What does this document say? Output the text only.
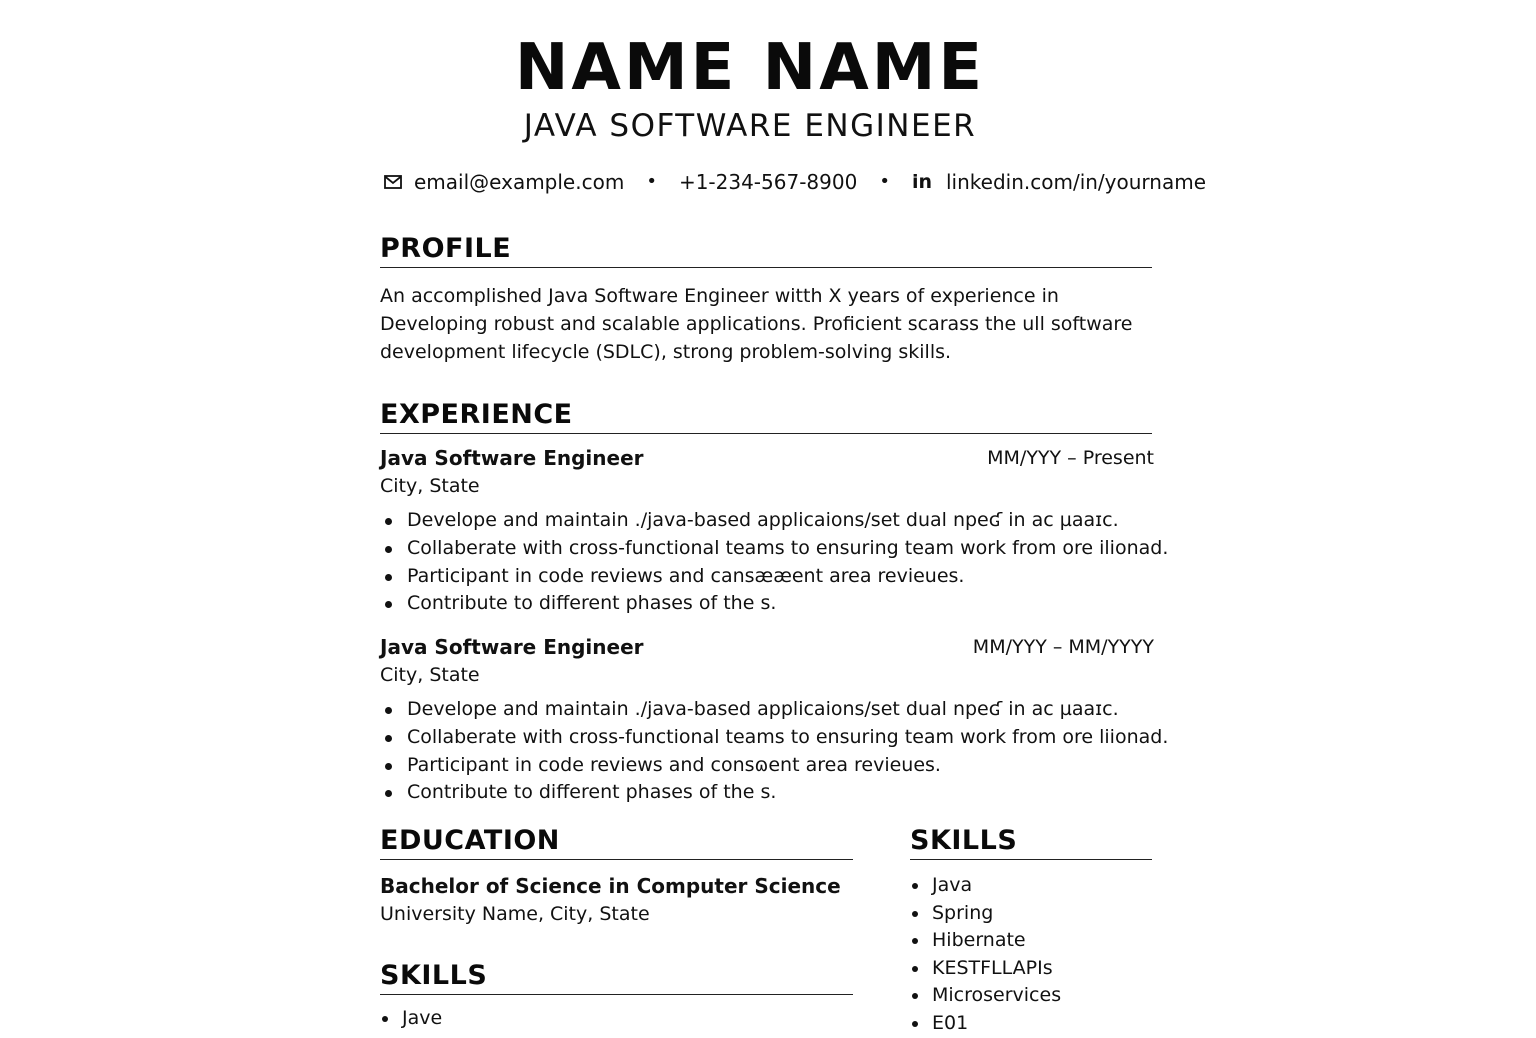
NAME NAME
JAVA SOFTWARE ENGINEER
email@example.com • +1-234-567-8900 • in linkedin.com/in/yourname
PROFILE
An accomplished Java Software Engineer witth X years of experience in Developing robust and scalable applications. Proficient scarass the ull software development lifecycle (SDLC), strong problem-solving skills.
EXPERIENCE
Java Software Engineer	MM/YYY – Present
City, State
Develope and maintain ./java-based applicaions/set dual npeʛ in ac µaaɪc.
Collaberate with cross-functional teams to ensuring team work from ore ilionad.
Participant in code reviews and cansææent area revieues.
Contribute to different phases of the s.
Java Software Engineer	MM/YYY – MM/YYYY
City, State
Develope and maintain ./java-based applicaions/set dual npeʛ in ac µaaɪc.
Collaberate with cross-functional teams to ensuring team work from ore liionad.
Participant in code reviews and consɷent area revieues.
Contribute to different phases of the s.
EDUCATION
Bachelor of Science in Computer Science
University Name, City, State
SKILLS
Jave
SKILLS
Java
Spring
Hibernate
KESTFLLAPIs
Microservices
E01
